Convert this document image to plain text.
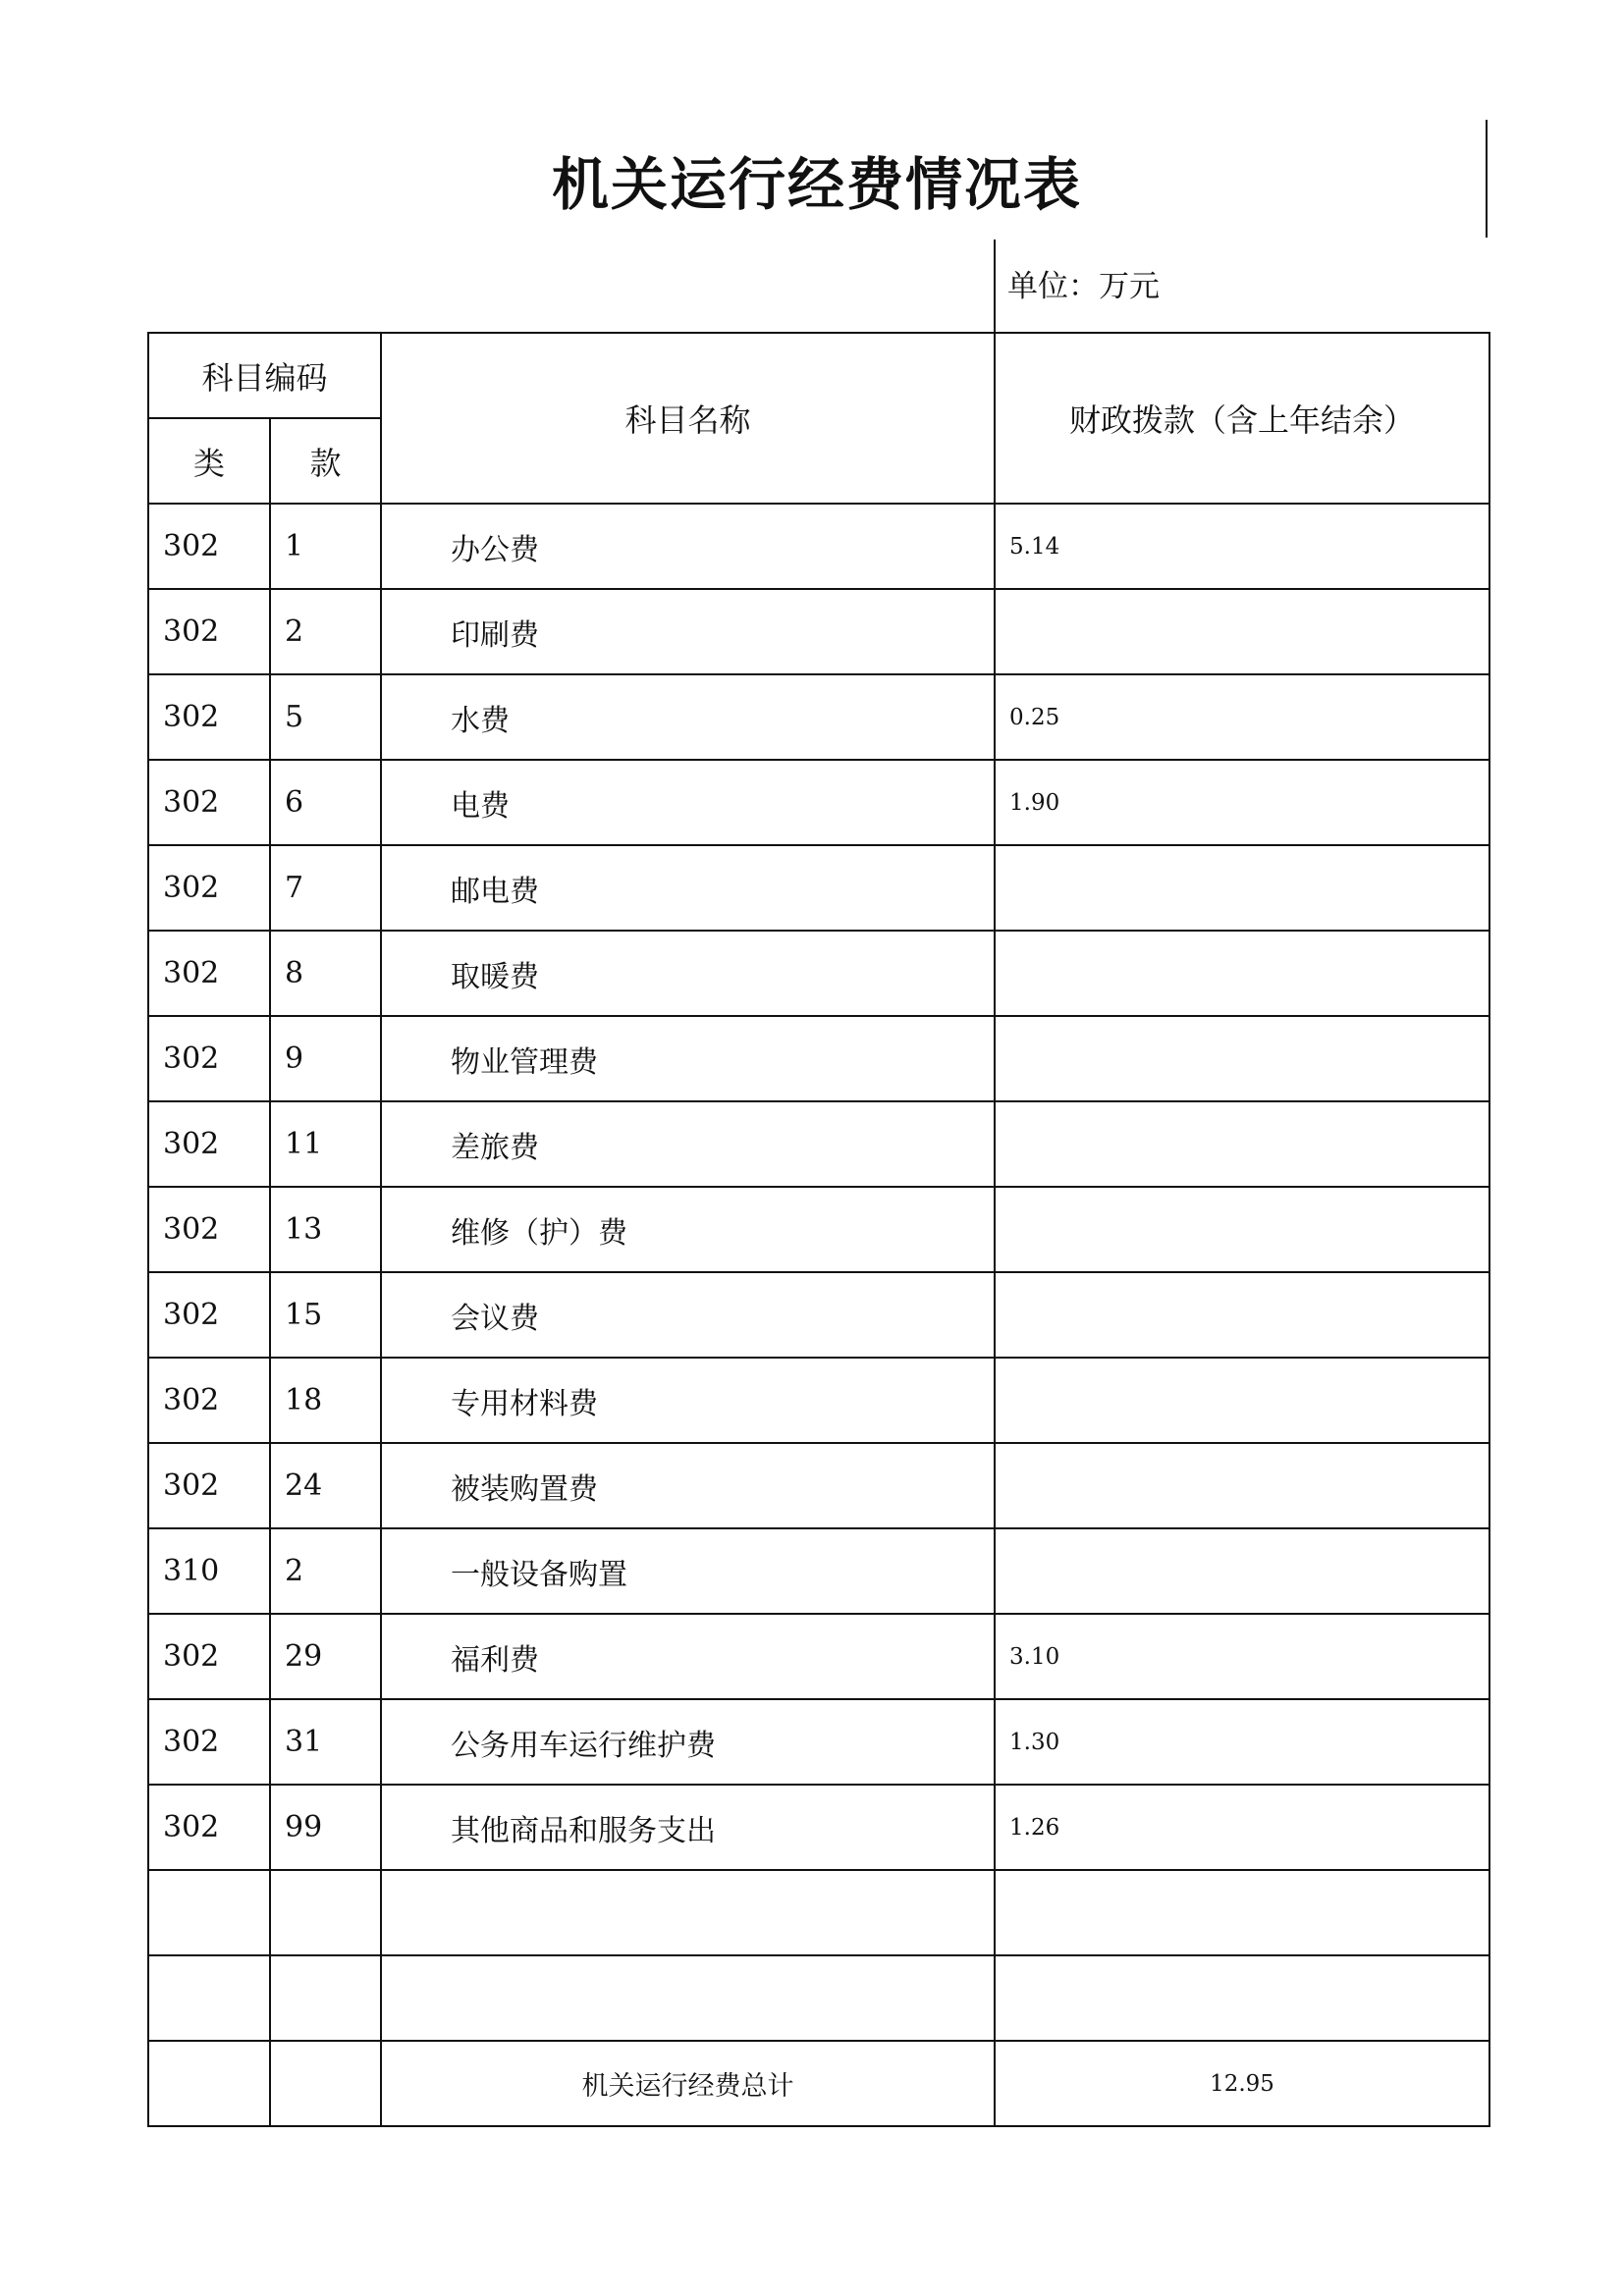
机关运行经费情况表
单位：万元
科目编码		科目名称	财政拨款（含上年结余）
类	款		
302	1	办公费	5.14
302	2	印刷费	
302	5	水费	0.25
302	6	电费	1.90
302	7	邮电费	
302	8	取暖费	
302	9	物业管理费	
302	11	差旅费	
302	13	维修（护）费	
302	15	会议费	
302	18	专用材料费	
302	24	被装购置费	
310	2	一般设备购置	
302	29	福利费	3.10
302	31	公务用车运行维护费	1.30
302	99	其他商品和服务支出	1.26

		机关运行经费总计	12.95
